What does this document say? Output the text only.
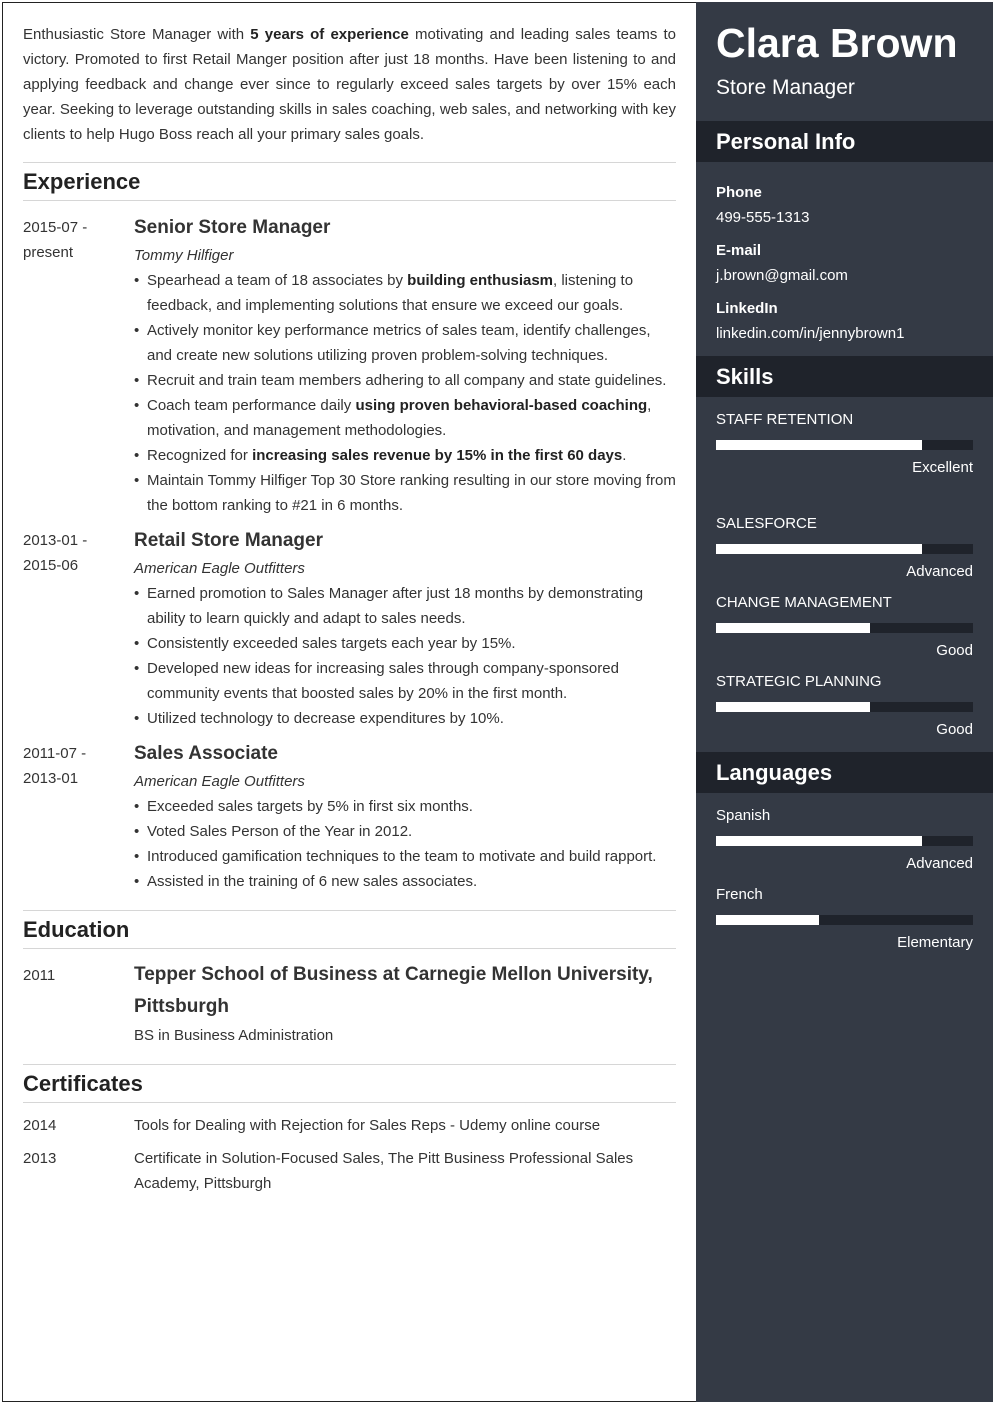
Enthusiastic Store Manager with 5 years of experience motivating and leading sales teams to victory. Promoted to first Retail Manger position after just 18 months. Have been listening to and applying feedback and change ever since to regularly exceed sales targets by over 15% each year. Seeking to leverage outstanding skills in sales coaching, web sales, and networking with key clients to help Hugo Boss reach all your primary sales goals.

Experience
2015-07 -
present
Senior Store Manager
Tommy Hilfiger
• Spearhead a team of 18 associates by building enthusiasm, listening to feedback, and implementing solutions that ensure we exceed our goals.
• Actively monitor key performance metrics of sales team, identify challenges, and create new solutions utilizing proven problem-solving techniques.
• Recruit and train team members adhering to all company and state guidelines.
• Coach team performance daily using proven behavioral-based coaching, motivation, and management methodologies.
• Recognized for increasing sales revenue by 15% in the first 60 days.
• Maintain Tommy Hilfiger Top 30 Store ranking resulting in our store moving from the bottom ranking to #21 in 6 months.
2013-01 -
2015-06
Retail Store Manager
American Eagle Outfitters
• Earned promotion to Sales Manager after just 18 months by demonstrating ability to learn quickly and adapt to sales needs.
• Consistently exceeded sales targets each year by 15%.
• Developed new ideas for increasing sales through company-sponsored community events that boosted sales by 20% in the first month.
• Utilized technology to decrease expenditures by 10%.
2011-07 -
2013-01
Sales Associate
American Eagle Outfitters
• Exceeded sales targets by 5% in first six months.
• Voted Sales Person of the Year in 2012.
• Introduced gamification techniques to the team to motivate and build rapport.
• Assisted in the training of 6 new sales associates.
Education
2011	Tepper School of Business at Carnegie Mellon University, Pittsburgh
BS in Business Administration
Certificates
2014	Tools for Dealing with Rejection for Sales Reps - Udemy online course
2013	Certificate in Solution-Focused Sales, The Pitt Business Professional Sales Academy, Pittsburgh
Clara Brown
Store Manager
Personal Info
Phone
499-555-1313
E-mail
j.brown@gmail.com
LinkedIn
linkedin.com/in/jennybrown1
Skills
STAFF RETENTION
Excellent
SALESFORCE
Advanced
CHANGE MANAGEMENT
Good
STRATEGIC PLANNING
Good
Languages
Spanish
Advanced
French
Elementary
